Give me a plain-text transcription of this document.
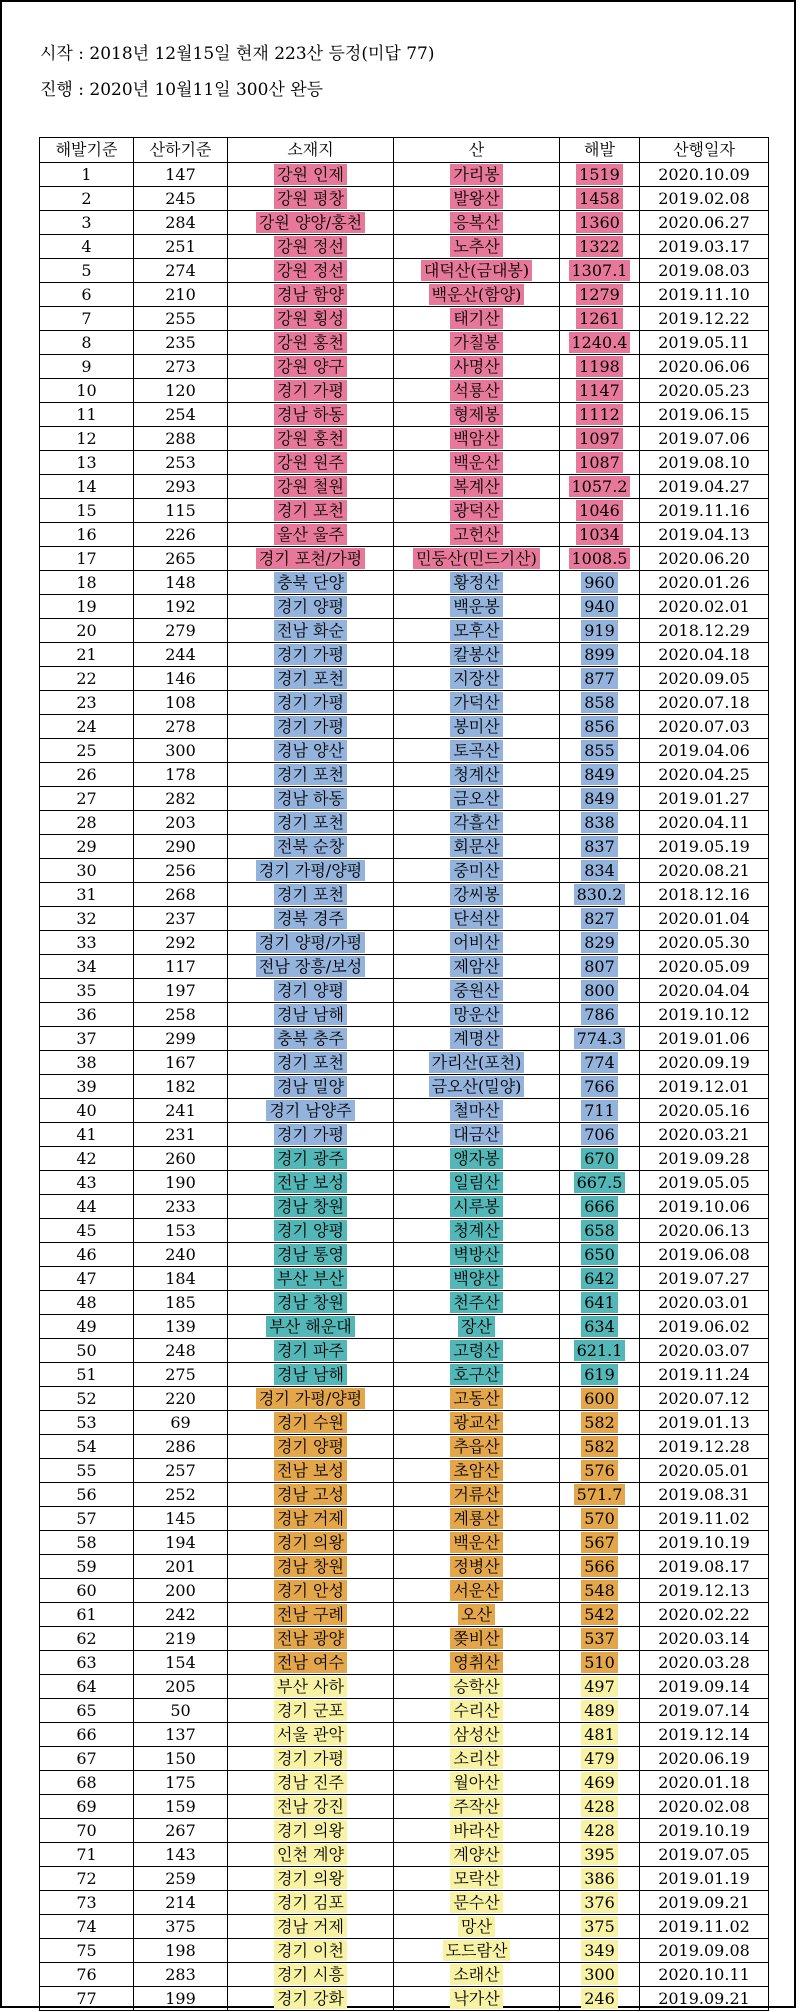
시작 : 2018년 12월15일 현재 223산 등정(미답 77)
진행 : 2020년 10월11일 300산 완등
해발기준	산하기준	소재지	산	해발	산행일자
1	147	강원 인제	가리봉	1519	2020.10.09
2	245	강원 평창	발왕산	1458	2019.02.08
3	284	강원 양양/홍천	응복산	1360	2020.06.27
4	251	강원 정선	노추산	1322	2019.03.17
5	274	강원 정선	대덕산(금대봉)	1307.1	2019.08.03
6	210	경남 함양	백운산(함양)	1279	2019.11.10
7	255	강원 횡성	태기산	1261	2019.12.22
8	235	강원 홍천	가칠봉	1240.4	2019.05.11
9	273	강원 양구	사명산	1198	2020.06.06
10	120	경기 가평	석룡산	1147	2020.05.23
11	254	경남 하동	형제봉	1112	2019.06.15
12	288	강원 홍천	백암산	1097	2019.07.06
13	253	강원 원주	백운산	1087	2019.08.10
14	293	강원 철원	복계산	1057.2	2019.04.27
15	115	경기 포천	광덕산	1046	2019.11.16
16	226	울산 울주	고헌산	1034	2019.04.13
17	265	경기 포천/가평	민둥산(민드기산)	1008.5	2020.06.20
18	148	충북 단양	황정산	960	2020.01.26
19	192	경기 양평	백운봉	940	2020.02.01
20	279	전남 화순	모후산	919	2018.12.29
21	244	경기 가평	칼봉산	899	2020.04.18
22	146	경기 포천	지장산	877	2020.09.05
23	108	경기 가평	가덕산	858	2020.07.18
24	278	경기 가평	봉미산	856	2020.07.03
25	300	경남 양산	토곡산	855	2019.04.06
26	178	경기 포천	청계산	849	2020.04.25
27	282	경남 하동	금오산	849	2019.01.27
28	203	경기 포천	각흘산	838	2020.04.11
29	290	전북 순창	회문산	837	2019.05.19
30	256	경기 가평/양평	중미산	834	2020.08.21
31	268	경기 포천	강씨봉	830.2	2018.12.16
32	237	경북 경주	단석산	827	2020.01.04
33	292	경기 양평/가평	어비산	829	2020.05.30
34	117	전남 장흥/보성	제암산	807	2020.05.09
35	197	경기 양평	중원산	800	2020.04.04
36	258	경남 남해	망운산	786	2019.10.12
37	299	충북 충주	계명산	774.3	2019.01.06
38	167	경기 포천	가리산(포천)	774	2020.09.19
39	182	경남 밀양	금오산(밀양)	766	2019.12.01
40	241	경기 남양주	철마산	711	2020.05.16
41	231	경기 가평	대금산	706	2020.03.21
42	260	경기 광주	앵자봉	670	2019.09.28
43	190	전남 보성	일림산	667.5	2019.05.05
44	233	경남 창원	시루봉	666	2019.10.06
45	153	경기 양평	청계산	658	2020.06.13
46	240	경남 통영	벽방산	650	2019.06.08
47	184	부산 부산	백양산	642	2019.07.27
48	185	경남 창원	천주산	641	2020.03.01
49	139	부산 해운대	장산	634	2019.06.02
50	248	경기 파주	고령산	621.1	2020.03.07
51	275	경남 남해	호구산	619	2019.11.24
52	220	경기 가평/양평	고동산	600	2020.07.12
53	69	경기 수원	광교산	582	2019.01.13
54	286	경기 양평	추읍산	582	2019.12.28
55	257	전남 보성	초암산	576	2020.05.01
56	252	경남 고성	거류산	571.7	2019.08.31
57	145	경남 거제	계룡산	570	2019.11.02
58	194	경기 의왕	백운산	567	2019.10.19
59	201	경남 창원	정병산	566	2019.08.17
60	200	경기 안성	서운산	548	2019.12.13
61	242	전남 구례	오산	542	2020.02.22
62	219	전남 광양	쫒비산	537	2020.03.14
63	154	전남 여수	영취산	510	2020.03.28
64	205	부산 사하	승학산	497	2019.09.14
65	50	경기 군포	수리산	489	2019.07.14
66	137	서울 관악	삼성산	481	2019.12.14
67	150	경기 가평	소리산	479	2020.06.19
68	175	경남 진주	월아산	469	2020.01.18
69	159	전남 강진	주작산	428	2020.02.08
70	267	경기 의왕	바라산	428	2019.10.19
71	143	인천 계양	계양산	395	2019.07.05
72	259	경기 의왕	모락산	386	2019.01.19
73	214	경기 김포	문수산	376	2019.09.21
74	375	경남 거제	망산	375	2019.11.02
75	198	경기 이천	도드람산	349	2019.09.08
76	283	경기 시흥	소래산	300	2020.10.11
77	199	경기 강화	낙가산	246	2019.09.21
